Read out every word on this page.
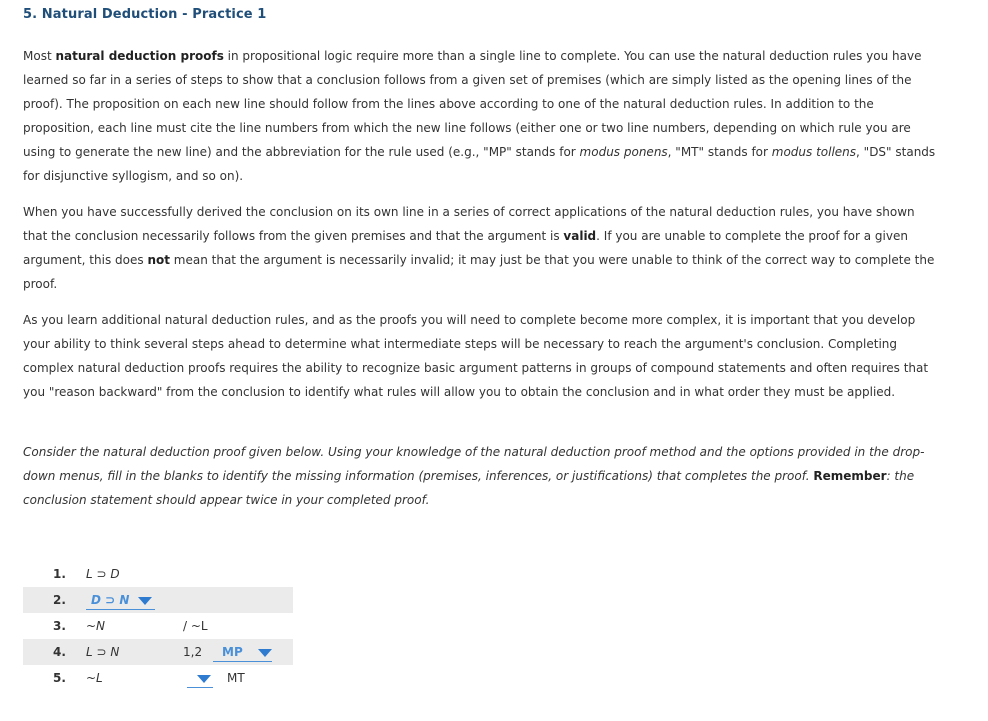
5. Natural Deduction - Practice 1

Most natural deduction proofs in propositional logic require more than a single line to complete. You can use the natural deduction rules you have learned so far in a series of steps to show that a conclusion follows from a given set of premises (which are simply listed as the opening lines of the proof). The proposition on each new line should follow from the lines above according to one of the natural deduction rules. In addition to the proposition, each line must cite the line numbers from which the new line follows (either one or two line numbers, depending on which rule you are using to generate the new line) and the abbreviation for the rule used (e.g., "MP" stands for modus ponens, "MT" stands for modus tollens, "DS" stands for disjunctive syllogism, and so on).

When you have successfully derived the conclusion on its own line in a series of correct applications of the natural deduction rules, you have shown that the conclusion necessarily follows from the given premises and that the argument is valid. If you are unable to complete the proof for a given argument, this does not mean that the argument is necessarily invalid; it may just be that you were unable to think of the correct way to complete the proof.

As you learn additional natural deduction rules, and as the proofs you will need to complete become more complex, it is important that you develop your ability to think several steps ahead to determine what intermediate steps will be necessary to reach the argument's conclusion. Completing complex natural deduction proofs requires the ability to recognize basic argument patterns in groups of compound statements and often requires that you "reason backward" from the conclusion to identify what rules will allow you to obtain the conclusion and in what order they must be applied.

Consider the natural deduction proof given below. Using your knowledge of the natural deduction proof method and the options provided in the drop-down menus, fill in the blanks to identify the missing information (premises, inferences, or justifications) that completes the proof. Remember: the conclusion statement should appear twice in your completed proof.

1. L ⊃ D
2. D ⊃ N
3. ~N	/ ~L
4. L ⊃ N	1,2 MP
5. ~L	MT
